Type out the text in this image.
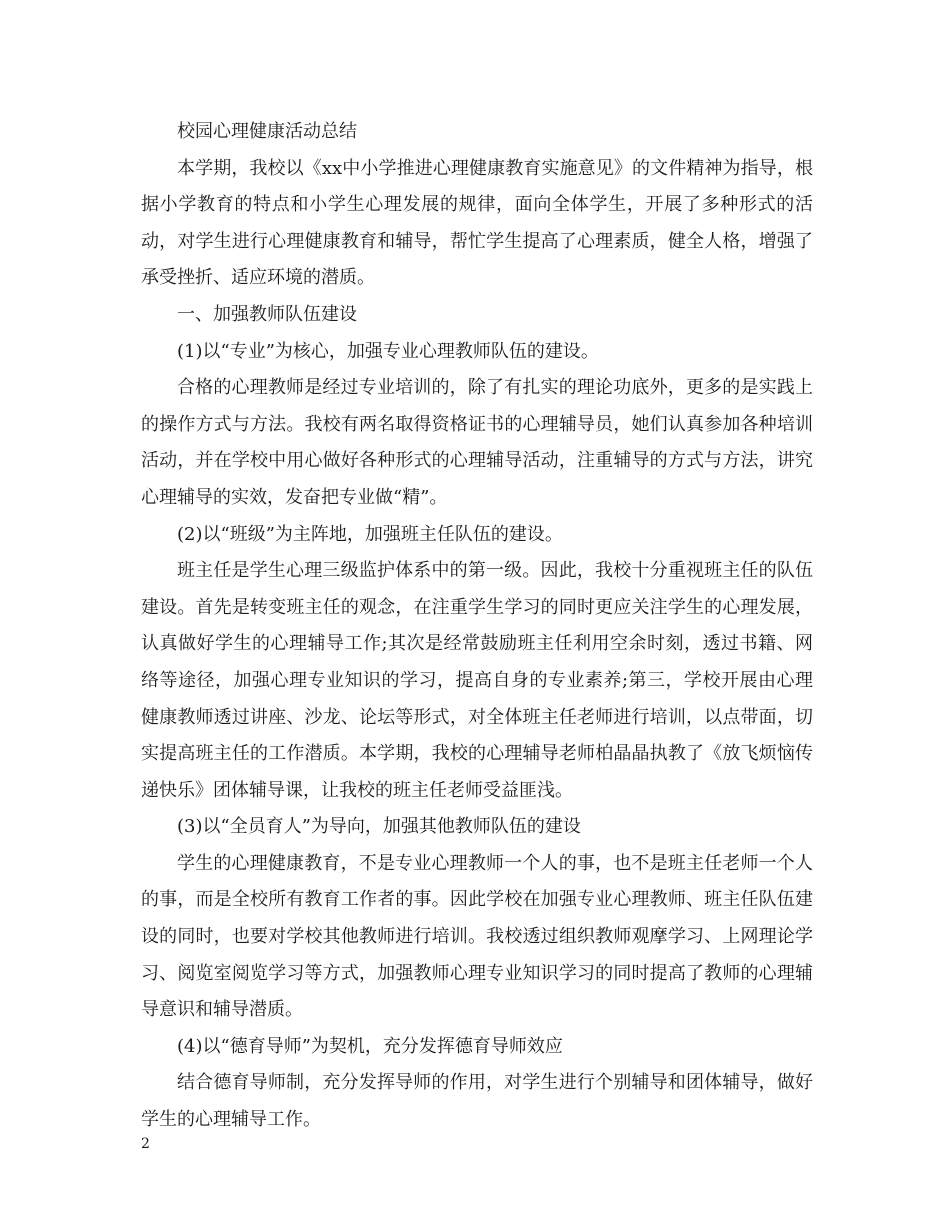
校园心理健康活动总结

本学期，我校以《xx中小学推进心理健康教育实施意见》的文件精神为指导，根据小学教育的特点和小学生心理发展的规律，面向全体学生，开展了多种形式的活动，对学生进行心理健康教育和辅导，帮忙学生提高了心理素质，健全人格，增强了承受挫折、适应环境的潜质。

一、加强教师队伍建设

(1)以“专业”为核心，加强专业心理教师队伍的建设。

合格的心理教师是经过专业培训的，除了有扎实的理论功底外，更多的是实践上的操作方式与方法。我校有两名取得资格证书的心理辅导员，她们认真参加各种培训活动，并在学校中用心做好各种形式的心理辅导活动，注重辅导的方式与方法，讲究心理辅导的实效，发奋把专业做“精”。

(2)以“班级”为主阵地，加强班主任队伍的建设。

班主任是学生心理三级监护体系中的第一级。因此，我校十分重视班主任的队伍建设。首先是转变班主任的观念，在注重学生学习的同时更应关注学生的心理发展，认真做好学生的心理辅导工作;其次是经常鼓励班主任利用空余时刻，透过书籍、网络等途径，加强心理专业知识的学习，提高自身的专业素养;第三，学校开展由心理健康教师透过讲座、沙龙、论坛等形式，对全体班主任老师进行培训，以点带面，切实提高班主任的工作潜质。本学期，我校的心理辅导老师柏晶晶执教了《放飞烦恼传递快乐》团体辅导课，让我校的班主任老师受益匪浅。

(3)以“全员育人”为导向，加强其他教师队伍的建设

学生的心理健康教育，不是专业心理教师一个人的事，也不是班主任老师一个人的事，而是全校所有教育工作者的事。因此学校在加强专业心理教师、班主任队伍建设的同时，也要对学校其他教师进行培训。我校透过组织教师观摩学习、上网理论学习、阅览室阅览学习等方式，加强教师心理专业知识学习的同时提高了教师的心理辅导意识和辅导潜质。

(4)以“德育导师”为契机，充分发挥德育导师效应

结合德育导师制，充分发挥导师的作用，对学生进行个别辅导和团体辅导，做好学生的心理辅导工作。

2
